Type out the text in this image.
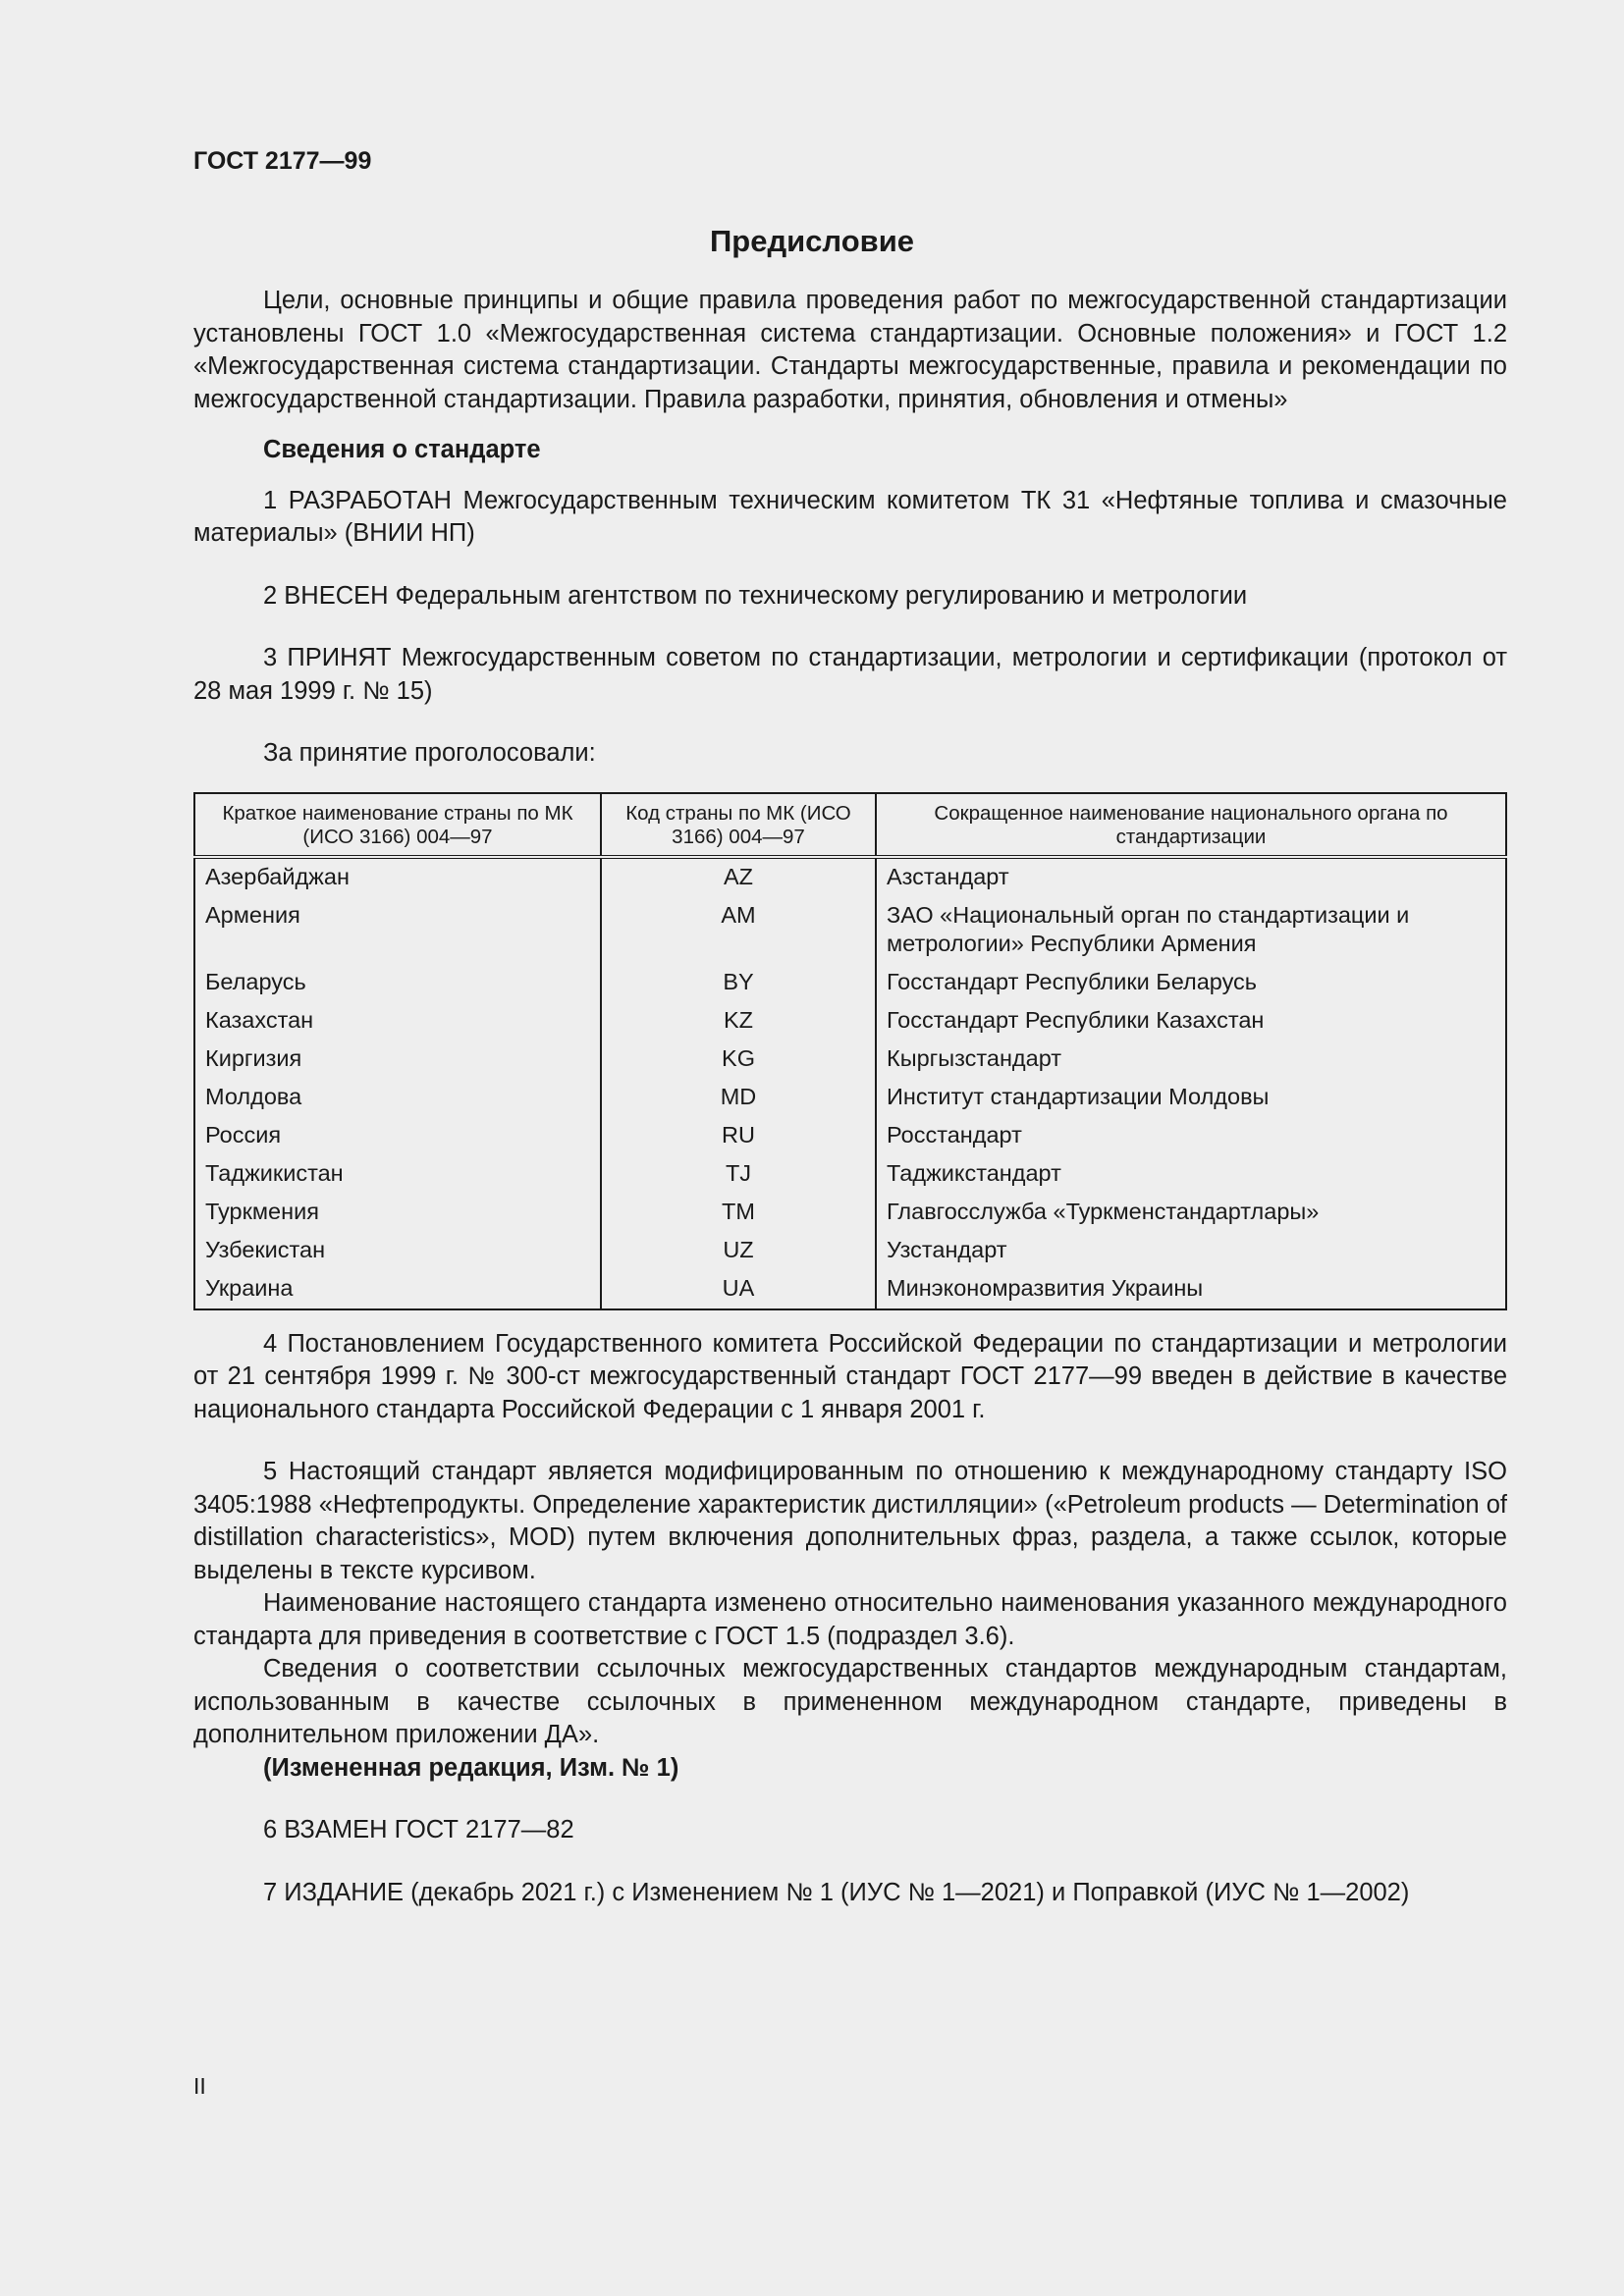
ГОСТ 2177—99
Предисловие

Цели, основные принципы и общие правила проведения работ по межгосударственной стандартизации установлены ГОСТ 1.0 «Межгосударственная система стандартизации. Основные положения» и ГОСТ 1.2 «Межгосударственная система стандартизации. Стандарты межгосударственные, правила и рекомендации по межгосударственной стандартизации. Правила разработки, принятия, обновления и отмены»

Сведения о стандарте

1 РАЗРАБОТАН Межгосударственным техническим комитетом ТК 31 «Нефтяные топлива и смазочные материалы» (ВНИИ НП)

2 ВНЕСЕН Федеральным агентством по техническому регулированию и метрологии

3 ПРИНЯТ Межгосударственным советом по стандартизации, метрологии и сертификации (протокол от 28 мая 1999 г. № 15)

За принятие проголосовали:

Краткое наименование страны по МК (ИСО 3166) 004—97	Код страны по МК (ИСО 3166) 004—97	Сокращенное наименование национального органа по стандартизации
Азербайджан	AZ	Азстандарт
Армения	AM	ЗАО «Национальный орган по стандартизации и метрологии» Республики Армения
Беларусь	BY	Госстандарт Республики Беларусь
Казахстан	KZ	Госстандарт Республики Казахстан
Киргизия	KG	Кыргызстандарт
Молдова	MD	Институт стандартизации Молдовы
Россия	RU	Росстандарт
Таджикистан	TJ	Таджикстандарт
Туркмения	TM	Главгосслужба «Туркменстандартлары»
Узбекистан	UZ	Узстандарт
Украина	UA	Минэкономразвития Украины

4 Постановлением Государственного комитета Российской Федерации по стандартизации и метрологии от 21 сентября 1999 г. № 300-ст межгосударственный стандарт ГОСТ 2177—99 введен в действие в качестве национального стандарта Российской Федерации с 1 января 2001 г.

5 Настоящий стандарт является модифицированным по отношению к международному стандарту ISO 3405:1988 «Нефтепродукты. Определение характеристик дистилляции» («Petroleum products — Determination of distillation characteristics», MOD) путем включения дополнительных фраз, раздела, а также ссылок, которые выделены в тексте курсивом.

Наименование настоящего стандарта изменено относительно наименования указанного международного стандарта для приведения в соответствие с ГОСТ 1.5 (подраздел 3.6).

Сведения о соответствии ссылочных межгосударственных стандартов международным стандартам, использованным в качестве ссылочных в примененном международном стандарте, приведены в дополнительном приложении ДА».

(Измененная редакция, Изм. № 1)

6 ВЗАМЕН ГОСТ 2177—82

7 ИЗДАНИЕ (декабрь 2021 г.) с Изменением № 1 (ИУС № 1—2021) и Поправкой (ИУС № 1—2002)

II
